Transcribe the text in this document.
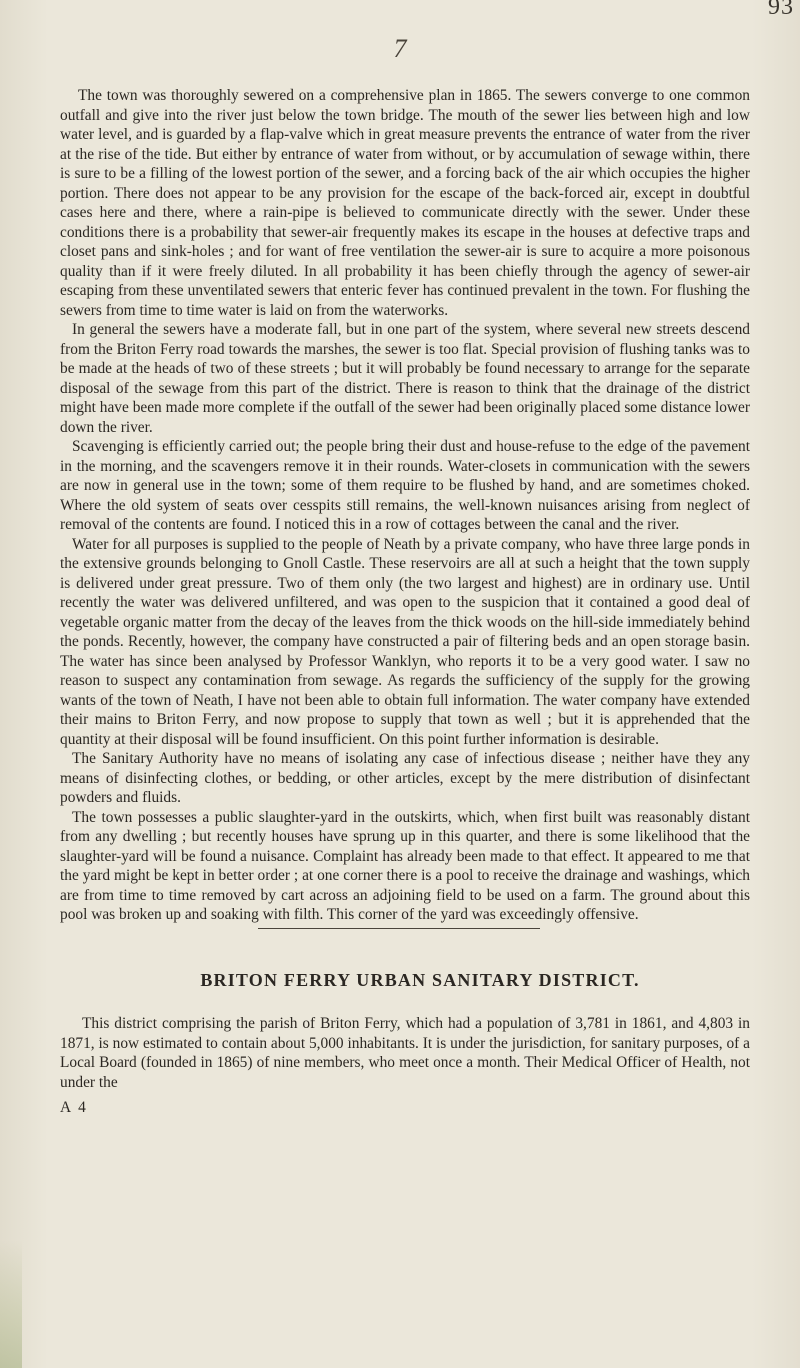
93
7

The town was thoroughly sewered on a comprehensive plan in 1865. The sewers converge to one common outfall and give into the river just below the town bridge. The mouth of the sewer lies between high and low water level, and is guarded by a flap-valve which in great measure prevents the entrance of water from the river at the rise of the tide. But either by entrance of water from without, or by accumulation of sewage within, there is sure to be a filling of the lowest portion of the sewer, and a forcing back of the air which occupies the higher portion. There does not appear to be any provision for the escape of the back-forced air, except in doubtful cases here and there, where a rain-pipe is believed to communicate directly with the sewer. Under these conditions there is a probability that sewer-air frequently makes its escape in the houses at defective traps and closet pans and sink-holes ; and for want of free ventilation the sewer-air is sure to acquire a more poisonous quality than if it were freely diluted. In all probability it has been chiefly through the agency of sewer-air escaping from these unventilated sewers that enteric fever has continued prevalent in the town. For flushing the sewers from time to time water is laid on from the waterworks.

In general the sewers have a moderate fall, but in one part of the system, where several new streets descend from the Briton Ferry road towards the marshes, the sewer is too flat. Special provision of flushing tanks was to be made at the heads of two of these streets ; but it will probably be found necessary to arrange for the separate disposal of the sewage from this part of the district. There is reason to think that the drainage of the district might have been made more complete if the outfall of the sewer had been originally placed some distance lower down the river.

Scavenging is efficiently carried out; the people bring their dust and house-refuse to the edge of the pavement in the morning, and the scavengers remove it in their rounds. Water-closets in communication with the sewers are now in general use in the town; some of them require to be flushed by hand, and are sometimes choked. Where the old system of seats over cesspits still remains, the well-known nuisances arising from neglect of removal of the contents are found. I noticed this in a row of cottages between the canal and the river.

Water for all purposes is supplied to the people of Neath by a private company, who have three large ponds in the extensive grounds belonging to Gnoll Castle. These reservoirs are all at such a height that the town supply is delivered under great pressure. Two of them only (the two largest and highest) are in ordinary use. Until recently the water was delivered unfiltered, and was open to the suspicion that it contained a good deal of vegetable organic matter from the decay of the leaves from the thick woods on the hill-side immediately behind the ponds. Recently, however, the company have constructed a pair of filtering beds and an open storage basin. The water has since been analysed by Professor Wanklyn, who reports it to be a very good water. I saw no reason to suspect any contamination from sewage. As regards the sufficiency of the supply for the growing wants of the town of Neath, I have not been able to obtain full information. The water company have extended their mains to Briton Ferry, and now propose to supply that town as well ; but it is apprehended that the quantity at their disposal will be found insufficient. On this point further information is desirable.

The Sanitary Authority have no means of isolating any case of infectious disease ; neither have they any means of disinfecting clothes, or bedding, or other articles, except by the mere distribution of disinfectant powders and fluids.

The town possesses a public slaughter-yard in the outskirts, which, when first built was reasonably distant from any dwelling ; but recently houses have sprung up in this quarter, and there is some likelihood that the slaughter-yard will be found a nuisance. Complaint has already been made to that effect. It appeared to me that the yard might be kept in better order ; at one corner there is a pool to receive the drainage and washings, which are from time to time removed by cart across an adjoining field to be used on a farm. The ground about this pool was broken up and soaking with filth. This corner of the yard was exceedingly offensive.

BRITON FERRY URBAN SANITARY DISTRICT.

This district comprising the parish of Briton Ferry, which had a population of 3,781 in 1861, and 4,803 in 1871, is now estimated to contain about 5,000 inhabitants. It is under the jurisdiction, for sanitary purposes, of a Local Board (founded in 1865) of nine members, who meet once a month. Their Medical Officer of Health, not under the

A 4
